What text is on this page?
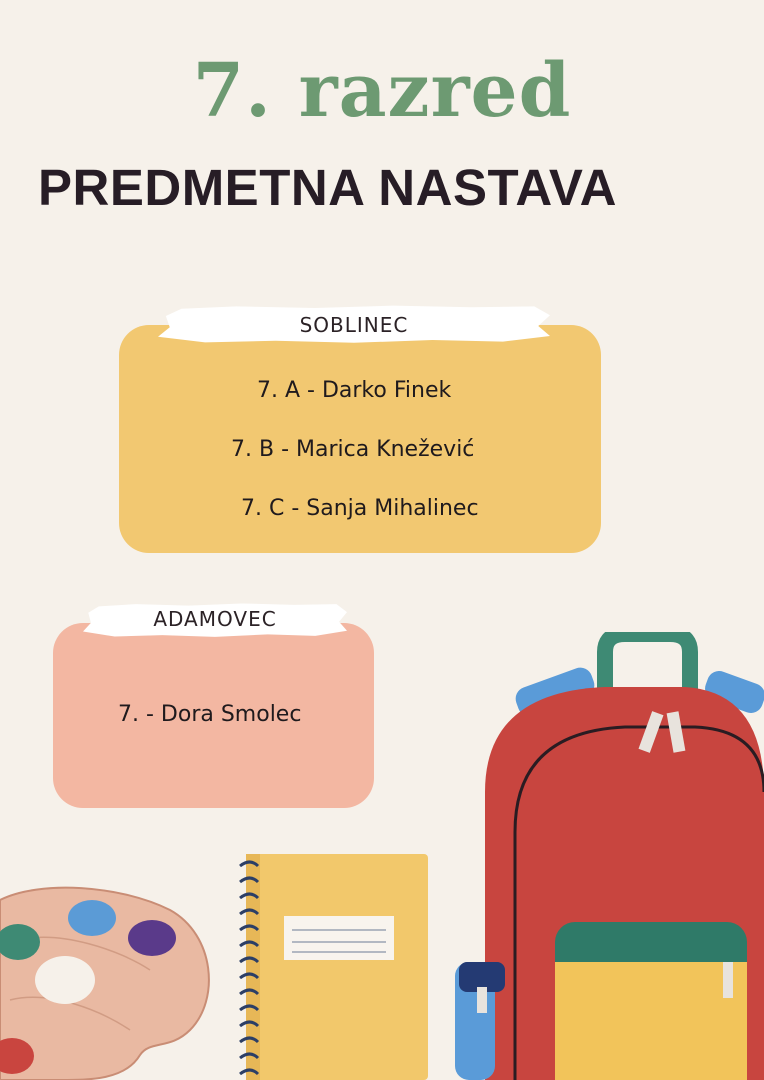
7. razred
PREDMETNA NASTAVA
SOBLINEC
7. A - Darko Finek
7. B - Marica Knežević
7. C - Sanja Mihalinec
ADAMOVEC
7. - Dora Smolec
